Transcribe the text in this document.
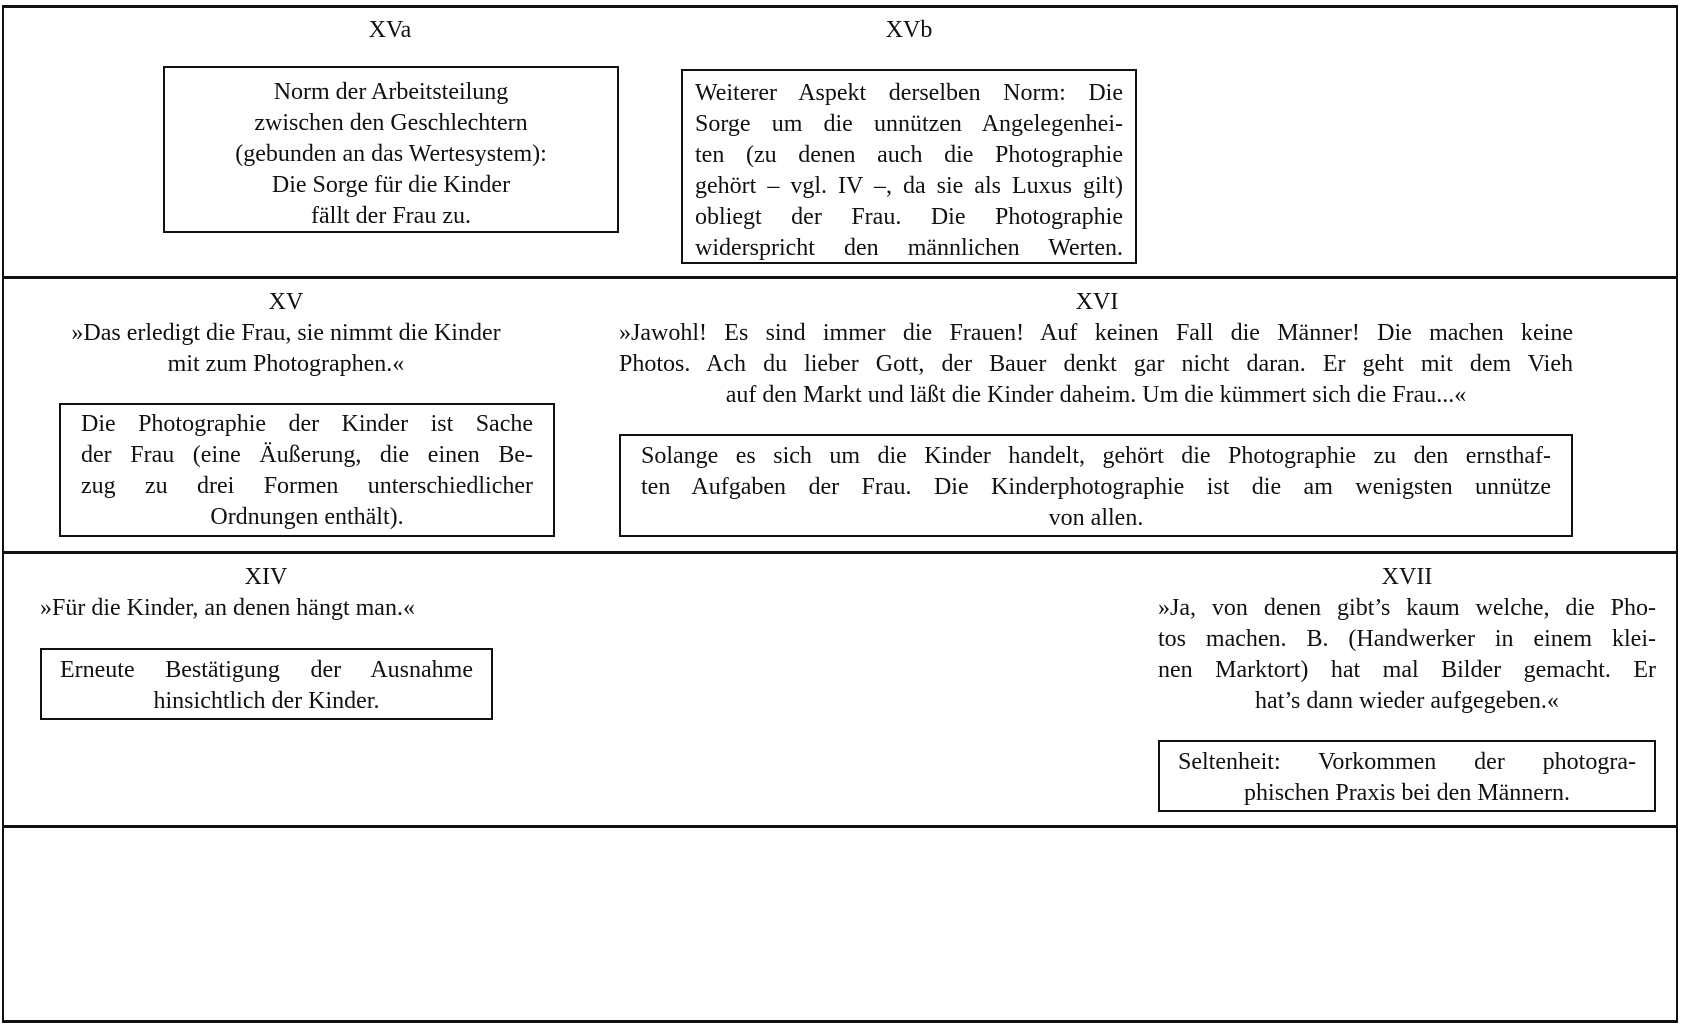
XVa
Norm der Arbeitsteilung
zwischen den Geschlechtern
(gebunden an das Wertesystem):
Die Sorge für die Kinder
fällt der Frau zu.
XVb
Weiterer Aspekt derselben Norm: Die
Sorge um die unnützen Angelegenhei-
ten (zu denen auch die Photographie
gehört – vgl. IV –, da sie als Luxus gilt)
obliegt der Frau. Die Photographie
widerspricht den männlichen Werten.
XV
»Das erledigt die Frau, sie nimmt die Kinder
mit zum Photographen.«
Die Photographie der Kinder ist Sache
der Frau (eine Äußerung, die einen Be-
zug zu drei Formen unterschiedlicher
Ordnungen enthält).
XVI
»Jawohl! Es sind immer die Frauen! Auf keinen Fall die Männer! Die machen keine
Photos. Ach du lieber Gott, der Bauer denkt gar nicht daran. Er geht mit dem Vieh
auf den Markt und läßt die Kinder daheim. Um die kümmert sich die Frau...«
Solange es sich um die Kinder handelt, gehört die Photographie zu den ernsthaf-
ten Aufgaben der Frau. Die Kinderphotographie ist die am wenigsten unnütze
von allen.
XIV
»Für die Kinder, an denen hängt man.«
Erneute Bestätigung der Ausnahme
hinsichtlich der Kinder.
XVII
»Ja, von denen gibt’s kaum welche, die Pho-
tos machen. B. (Handwerker in einem klei-
nen Marktort) hat mal Bilder gemacht. Er
hat’s dann wieder aufgegeben.«
Seltenheit: Vorkommen der photogra-
phischen Praxis bei den Männern.
